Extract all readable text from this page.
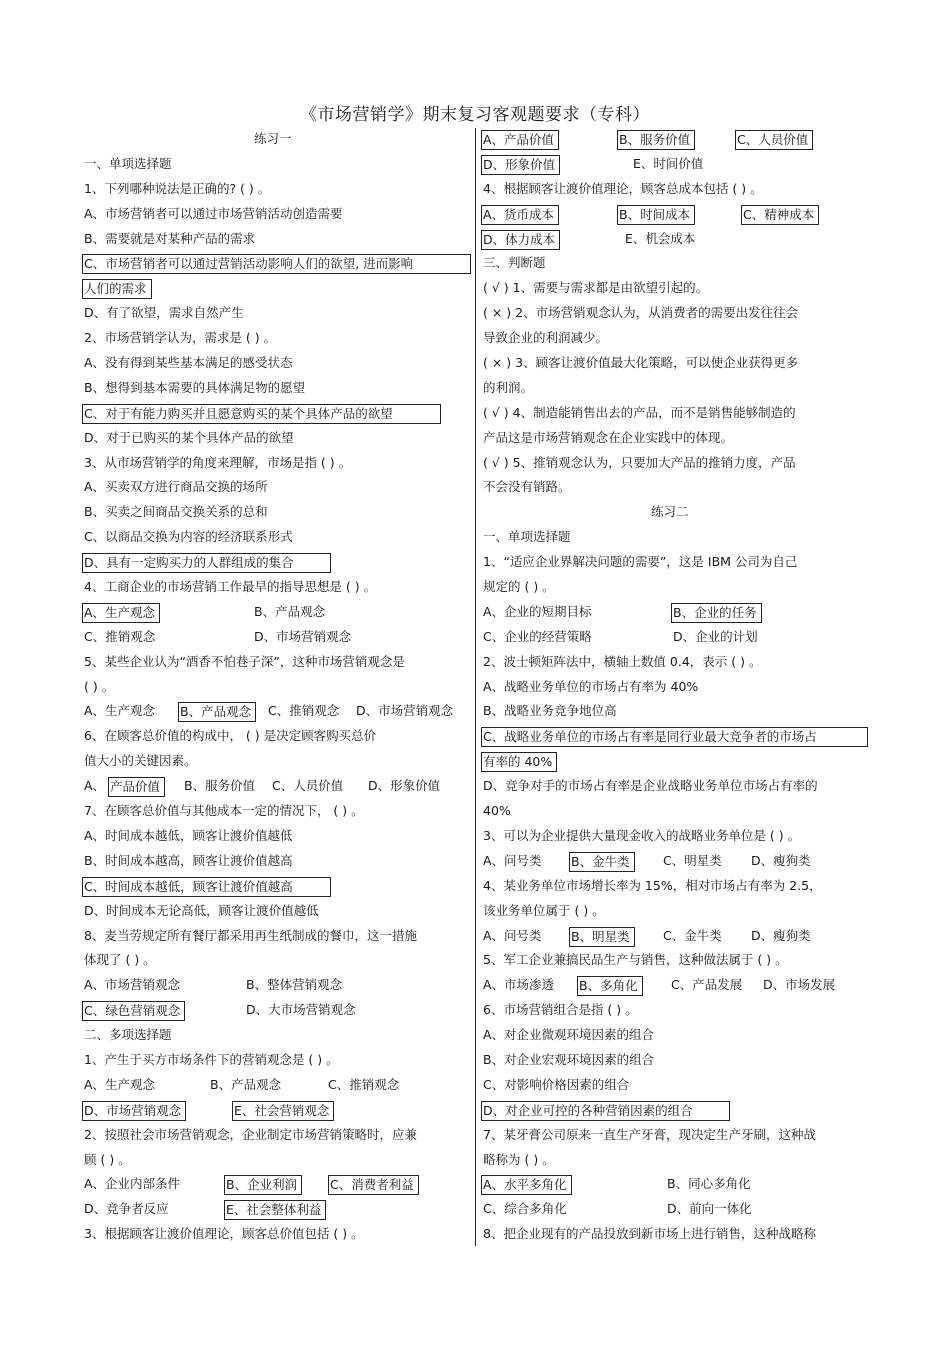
《市场营销学》期末复习客观题要求（专科）
练习一
一、单项选择题
1、下列哪种说法是正确的? ( ) 。
A、市场营销者可以通过市场营销活动创造需要
B、需要就是对某种产品的需求
C、市场营销者可以通过营销活动影响人们的欲望, 进而影响
人们的需求
D、有了欲望，需求自然产生
2、市场营销学认为，需求是 ( ) 。
A、没有得到某些基本满足的感受状态
B、想得到基本需要的具体满足物的愿望
C、对于有能力购买并且愿意购买的某个具体产品的欲望
D、对于已购买的某个具体产品的欲望
3、从市场营销学的角度来理解，市场是指 ( ) 。
A、买卖双方进行商品交换的场所
B、买卖之间商品交换关系的总和
C、以商品交换为内容的经济联系形式
D、具有一定购买力的人群组成的集合
4、工商企业的市场营销工作最早的指导思想是 ( ) 。
A、生产观念	B、产品观念
C、推销观念	D、市场营销观念
5、某些企业认为“酒香不怕巷子深”，这种市场营销观念是
( ) 。
A、生产观念 B、产品观念	C、推销观念 D、市场营销观念
6、在顾客总价值的构成中， ( ) 是决定顾客购买总价
值大小的关键因素。
A、 产品价值	B、服务价值 C、人员价值 D、形象价值
7、在顾客总价值与其他成本一定的情况下， ( ) 。
A、时间成本越低，顾客让渡价值越低
B、时间成本越高，顾客让渡价值越高
C、时间成本越低，顾客让渡价值越高
D、时间成本无论高低，顾客让渡价值越低
8、麦当劳规定所有餐厅都采用再生纸制成的餐巾，这一措施
体现了 ( ) 。
A、市场营销观念	B、整体营销观念
C、绿色营销观念	D、大市场营销观念
二、多项选择题
1、产生于买方市场条件下的营销观念是 ( ) 。
A、生产观念	B、产品观念	C、推销观念
D、市场营销观念	E、社会营销观念
2、按照社会市场营销观念，企业制定市场营销策略时，应兼
顾 ( ) 。
A、企业内部条件	B、企业利润	C、消费者利益
D、竞争者反应	E、社会整体利益
3、根据顾客让渡价值理论，顾客总价值包括 ( ) 。
A、产品价值	B、服务价值	C、人员价值
D、形象价值	E、时间价值
4、根据顾客让渡价值理论，顾客总成本包括 ( ) 。
A、货币成本	B、时间成本	C、精神成本
D、体力成本	E、机会成本
三、判断题
( √ ) 1、需要与需求都是由欲望引起的。
( × ) 2、市场营销观念认为，从消费者的需要出发往往会
导致企业的利润减少。
( × ) 3、顾客让渡价值最大化策略，可以使企业获得更多
的利润。
( √ ) 4、制造能销售出去的产品，而不是销售能够制造的
产品这是市场营销观念在企业实践中的体现。
( √ ) 5、推销观念认为，只要加大产品的推销力度，产品
不会没有销路。
练习二
一、单项选择题
1、“适应企业界解决问题的需要”，这是 IBM 公司为自己
规定的 ( ) 。
A、企业的短期目标	B、企业的任务
C、企业的经营策略	D、企业的计划
2、波士顿矩阵法中，横轴上数值 0.4，表示 ( ) 。
A、战略业务单位的市场占有率为 40%
B、战略业务竞争地位高
C、战略业务单位的市场占有率是同行业最大竞争者的市场占
有率的 40%
D、竞争对手的市场占有率是企业战略业务单位市场占有率的
40%
3、可以为企业提供大量现金收入的战略业务单位是 ( ) 。
A、问号类 B、金牛类	C、明星类 D、瘦狗类
4、某业务单位市场增长率为 15%，相对市场占有率为 2.5，
该业务单位属于 ( ) 。
A、问号类 B、明星类	C、金牛类 D、瘦狗类
5、军工企业兼搞民品生产与销售，这种做法属于 ( ) 。
A、市场渗透 B、多角化	C、产品发展 D、市场发展
6、市场营销组合是指 ( ) 。
A、对企业微观环境因素的组合
B、对企业宏观环境因素的组合
C、对影响价格因素的组合
D、对企业可控的各种营销因素的组合
7、某牙膏公司原来一直生产牙膏，现决定生产牙刷，这种战
略称为 ( ) 。
A、水平多角化	B、同心多角化
C、综合多角化	D、前向一体化
8、把企业现有的产品投放到新市场上进行销售，这种战略称
